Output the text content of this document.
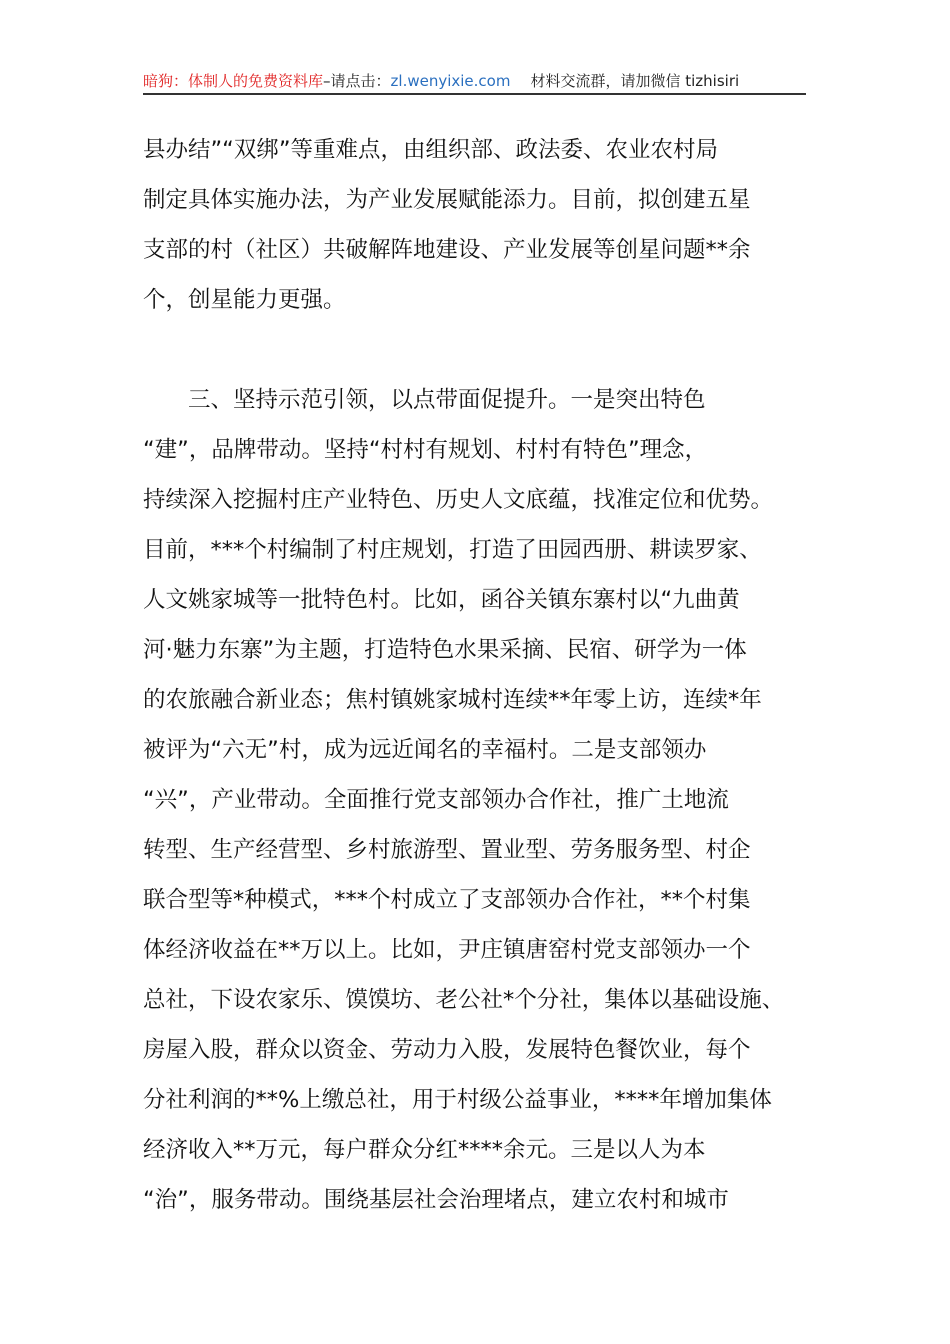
暗狗：体制人的免费资料库–请点击：zl.wenyixie.com 材料交流群，请加微信 tizhisiri
县办结”“双绑”等重难点，由组织部、政法委、农业农村局
制定具体实施办法，为产业发展赋能添力。目前，拟创建五星
支部的村（社区）共破解阵地建设、产业发展等创星问题**余
个，创星能力更强。
　　三、坚持示范引领，以点带面促提升。一是突出特色
“建”，品牌带动。坚持“村村有规划、村村有特色”理念，
持续深入挖掘村庄产业特色、历史人文底蕴，找准定位和优势。
目前，***个村编制了村庄规划，打造了田园西册、耕读罗家、
人文姚家城等一批特色村。比如，函谷关镇东寨村以“九曲黄
河·魅力东寨”为主题，打造特色水果采摘、民宿、研学为一体
的农旅融合新业态；焦村镇姚家城村连续**年零上访，连续*年
被评为“六无”村，成为远近闻名的幸福村。二是支部领办
“兴”，产业带动。全面推行党支部领办合作社，推广土地流
转型、生产经营型、乡村旅游型、置业型、劳务服务型、村企
联合型等*种模式，***个村成立了支部领办合作社，**个村集
体经济收益在**万以上。比如，尹庄镇唐窑村党支部领办一个
总社，下设农家乐、馍馍坊、老公社*个分社，集体以基础设施、
房屋入股，群众以资金、劳动力入股，发展特色餐饮业，每个
分社利润的**%上缴总社，用于村级公益事业，****年增加集体
经济收入**万元，每户群众分红****余元。三是以人为本
“治”，服务带动。围绕基层社会治理堵点，建立农村和城市
